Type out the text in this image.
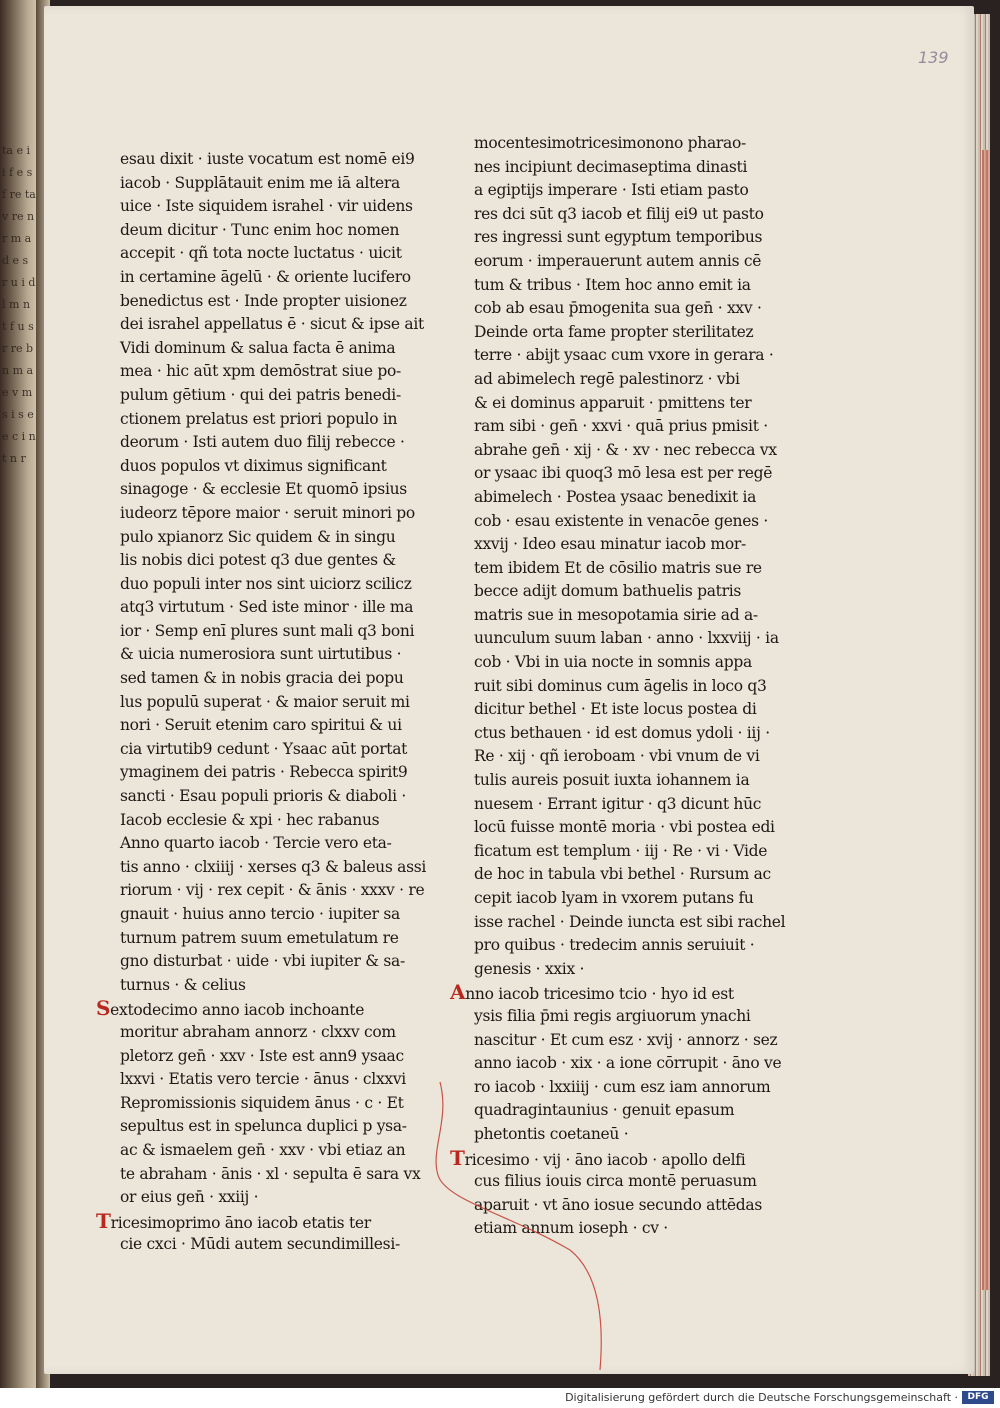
ta e i i f e s f re ta v re n r m a d e s r u i d l m n t f u s r re b n m a e v m s i s e e c i n t n r
139
esau dixit · iuste vocatum est nomē ei9
iacob · Supplātauit enim me iā altera
uice · Iste siquidem israhel · vir uidens
deum dicitur · Tunc enim hoc nomen
accepit · qñ tota nocte luctatus · uicit
in certamine āgelū · & oriente lucifero
benedictus est · Inde propter uisionez
dei israhel appellatus ē · sicut & ipse ait
Vidi dominum & salua facta ē anima
mea · hic aūt xpm demōstrat siue po-
pulum gētium · qui dei patris benedi-
ctionem prelatus est priori populo in
deorum · Isti autem duo filij rebecce ·
duos populos vt diximus significant
sinagoge · & ecclesie Et quomō ipsius
iudeorz tēpore maior · seruit minori po
pulo xpianorz Sic quidem & in singu
lis nobis dici potest q3 due gentes &
duo populi inter nos sint uiciorz scilicz
atq3 virtutum · Sed iste minor · ille ma
ior · Semp enī plures sunt mali q3 boni
& uicia numerosiora sunt uirtutibus ·
sed tamen & in nobis gracia dei popu
lus populū superat · & maior seruit mi
nori · Seruit etenim caro spiritui & ui
cia virtutib9 cedunt · Ysaac aūt portat
ymaginem dei patris · Rebecca spirit9
sancti · Esau populi prioris & diaboli ·
Iacob ecclesie & xpi · hec rabanus
Anno quarto iacob · Tercie vero eta-
tis anno · clxiiij · xerses q3 & baleus assi
riorum · vij · rex cepit · & ānis · xxxv · re
gnauit · huius anno tercio · iupiter sa
turnum patrem suum emetulatum re
gno disturbat · uide · vbi iupiter & sa-
turnus · & celius
Sextodecimo anno iacob inchoante
moritur abraham annorz · clxxv com
pletorz gen̄ · xxv · Iste est ann9 ysaac
lxxvi · Etatis vero tercie · ānus · clxxvi
Repromissionis siquidem ānus · c · Et
sepultus est in spelunca duplici p ysa-
ac & ismaelem gen̄ · xxv · vbi etiaz an
te abraham · ānis · xl · sepulta ē sara vx
or eius gen̄ · xxiij ·
Tricesimoprimo āno iacob etatis ter
cie cxci · Mūdi autem secundimillesi-
mocentesimotricesimonono pharao-
nes incipiunt decimaseptima dinasti
a egiptijs imperare · Isti etiam pasto
res dci sūt q3 iacob et filij ei9 ut pasto
res ingressi sunt egyptum temporibus
eorum · imperauerunt autem annis cē
tum & tribus · Item hoc anno emit ia
cob ab esau p̄mogenita sua gen̄ · xxv ·
Deinde orta fame propter sterilitatez
terre · abijt ysaac cum vxore in gerara ·
ad abimelech regē palestinorz · vbi
& ei dominus apparuit · pmittens ter
ram sibi · gen̄ · xxvi · quā prius pmisit ·
abrahe gen̄ · xij · & · xv · nec rebecca vx
or ysaac ibi quoq3 mō lesa est per regē
abimelech · Postea ysaac benedixit ia
cob · esau existente in venacōe genes ·
xxvij · Ideo esau minatur iacob mor-
tem ibidem Et de cōsilio matris sue re
becce adijt domum bathuelis patris
matris sue in mesopotamia sirie ad a-
uunculum suum laban · anno · lxxviij · ia
cob · Vbi in uia nocte in somnis appa
ruit sibi dominus cum āgelis in loco q3
dicitur bethel · Et iste locus postea di
ctus bethauen · id est domus ydoli · iij ·
Re · xij · qñ ieroboam · vbi vnum de vi
tulis aureis posuit iuxta iohannem ia
nuesem · Errant igitur · q3 dicunt hūc
locū fuisse montē moria · vbi postea edi
ficatum est templum · iij · Re · vi · Vide
de hoc in tabula vbi bethel · Rursum ac
cepit iacob lyam in vxorem putans fu
isse rachel · Deinde iuncta est sibi rachel
pro quibus · tredecim annis seruiuit ·
genesis · xxix ·
Anno iacob tricesimo tcio · hyo id est
ysis filia p̄mi regis argiuorum ynachi
nascitur · Et cum esz · xvij · annorz · sez
anno iacob · xix · a ione cōrrupit · āno ve
ro iacob · lxxiiij · cum esz iam annorum
quadragintaunius · genuit epasum
phetontis coetaneū ·
Tricesimo · vij · āno iacob · apollo delfi
cus filius iouis circa montē peruasum
aparuit · vt āno iosue secundo attēdas
etiam annum ioseph · cv ·
Digitalisierung gefördert durch die Deutsche Forschungsgemeinschaft ·	DFG
